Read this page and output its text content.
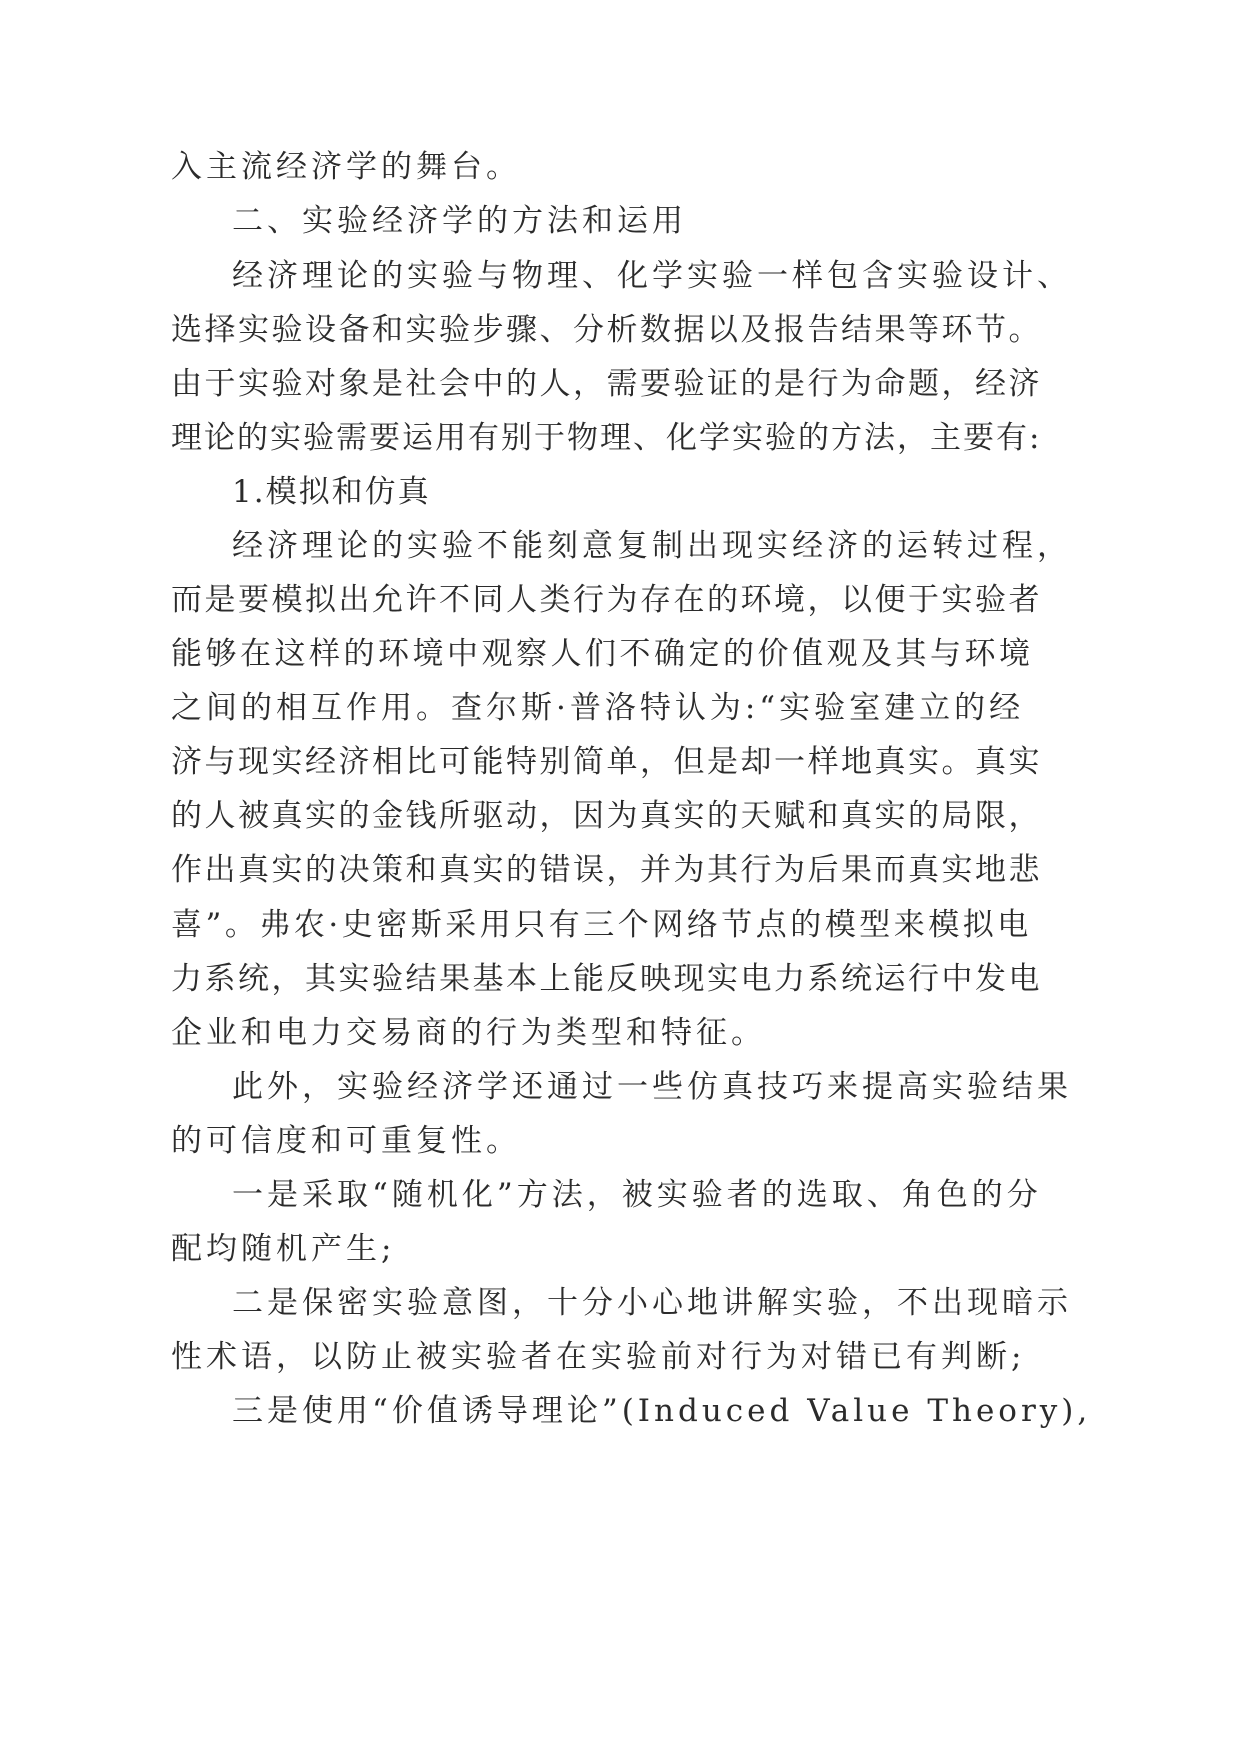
入主流经济学的舞台。
二、实验经济学的方法和运用
经济理论的实验与物理、化学实验一样包含实验设计、
选择实验设备和实验步骤、分析数据以及报告结果等环节。
由于实验对象是社会中的人，需要验证的是行为命题，经济
理论的实验需要运用有别于物理、化学实验的方法，主要有:
1.模拟和仿真
经济理论的实验不能刻意复制出现实经济的运转过程，
而是要模拟出允许不同人类行为存在的环境，以便于实验者
能够在这样的环境中观察人们不确定的价值观及其与环境
之间的相互作用。查尔斯·普洛特认为:“实验室建立的经
济与现实经济相比可能特别简单，但是却一样地真实。真实
的人被真实的金钱所驱动，因为真实的天赋和真实的局限，
作出真实的决策和真实的错误，并为其行为后果而真实地悲
喜”。弗农·史密斯采用只有三个网络节点的模型来模拟电
力系统，其实验结果基本上能反映现实电力系统运行中发电
企业和电力交易商的行为类型和特征。
此外，实验经济学还通过一些仿真技巧来提高实验结果
的可信度和可重复性。
一是采取“随机化”方法，被实验者的选取、角色的分
配均随机产生;
二是保密实验意图，十分小心地讲解实验，不出现暗示
性术语，以防止被实验者在实验前对行为对错已有判断;
三是使用“价值诱导理论”(Induced Value Theory),
